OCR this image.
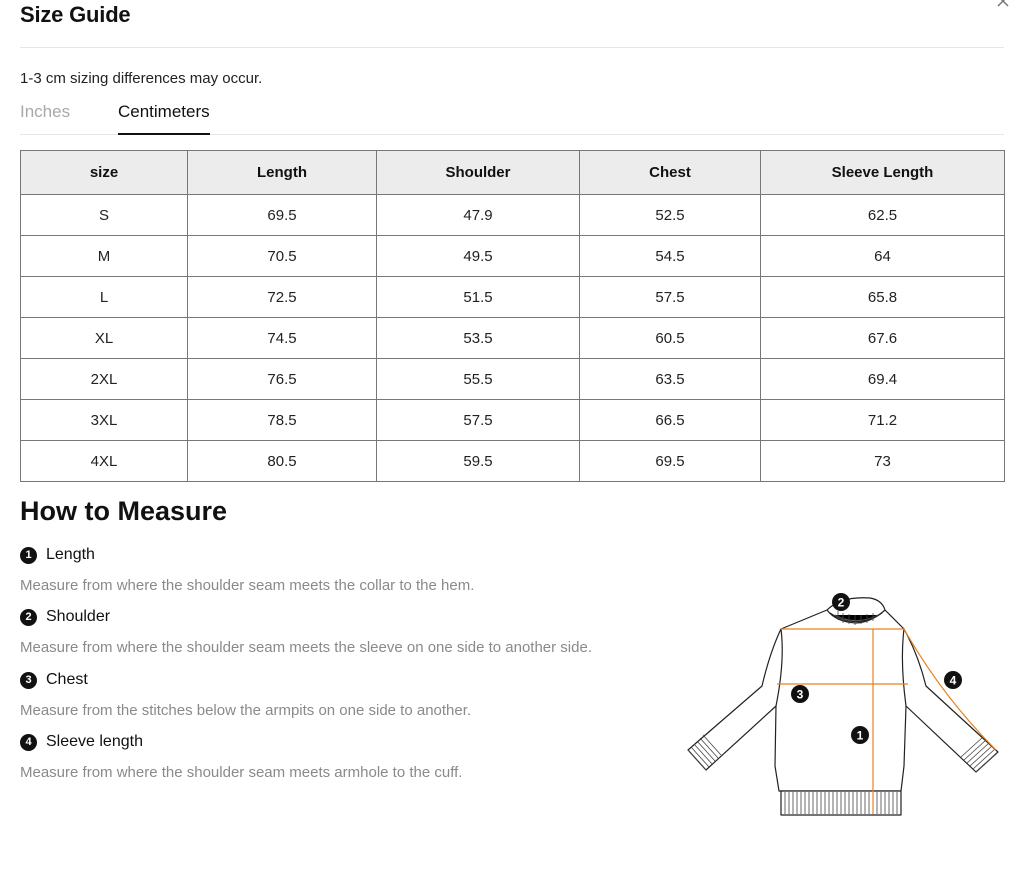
Size Guide
1-3 cm sizing differences may occur.
Inches	Centimeters
size	Length	Shoulder	Chest	Sleeve Length
S	69.5	47.9	52.5	62.5
M	70.5	49.5	54.5	64
L	72.5	51.5	57.5	65.8
XL	74.5	53.5	60.5	67.6
2XL	76.5	55.5	63.5	69.4
3XL	78.5	57.5	66.5	71.2
4XL	80.5	59.5	69.5	73
How to Measure
1 Length
Measure from where the shoulder seam meets the collar to the hem.
2 Shoulder
Measure from where the shoulder seam meets the sleeve on one side to another side.
3 Chest
Measure from the stitches below the armpits on one side to another.
4 Sleeve length
Measure from where the shoulder seam meets armhole to the cuff.
2
3
1
4
